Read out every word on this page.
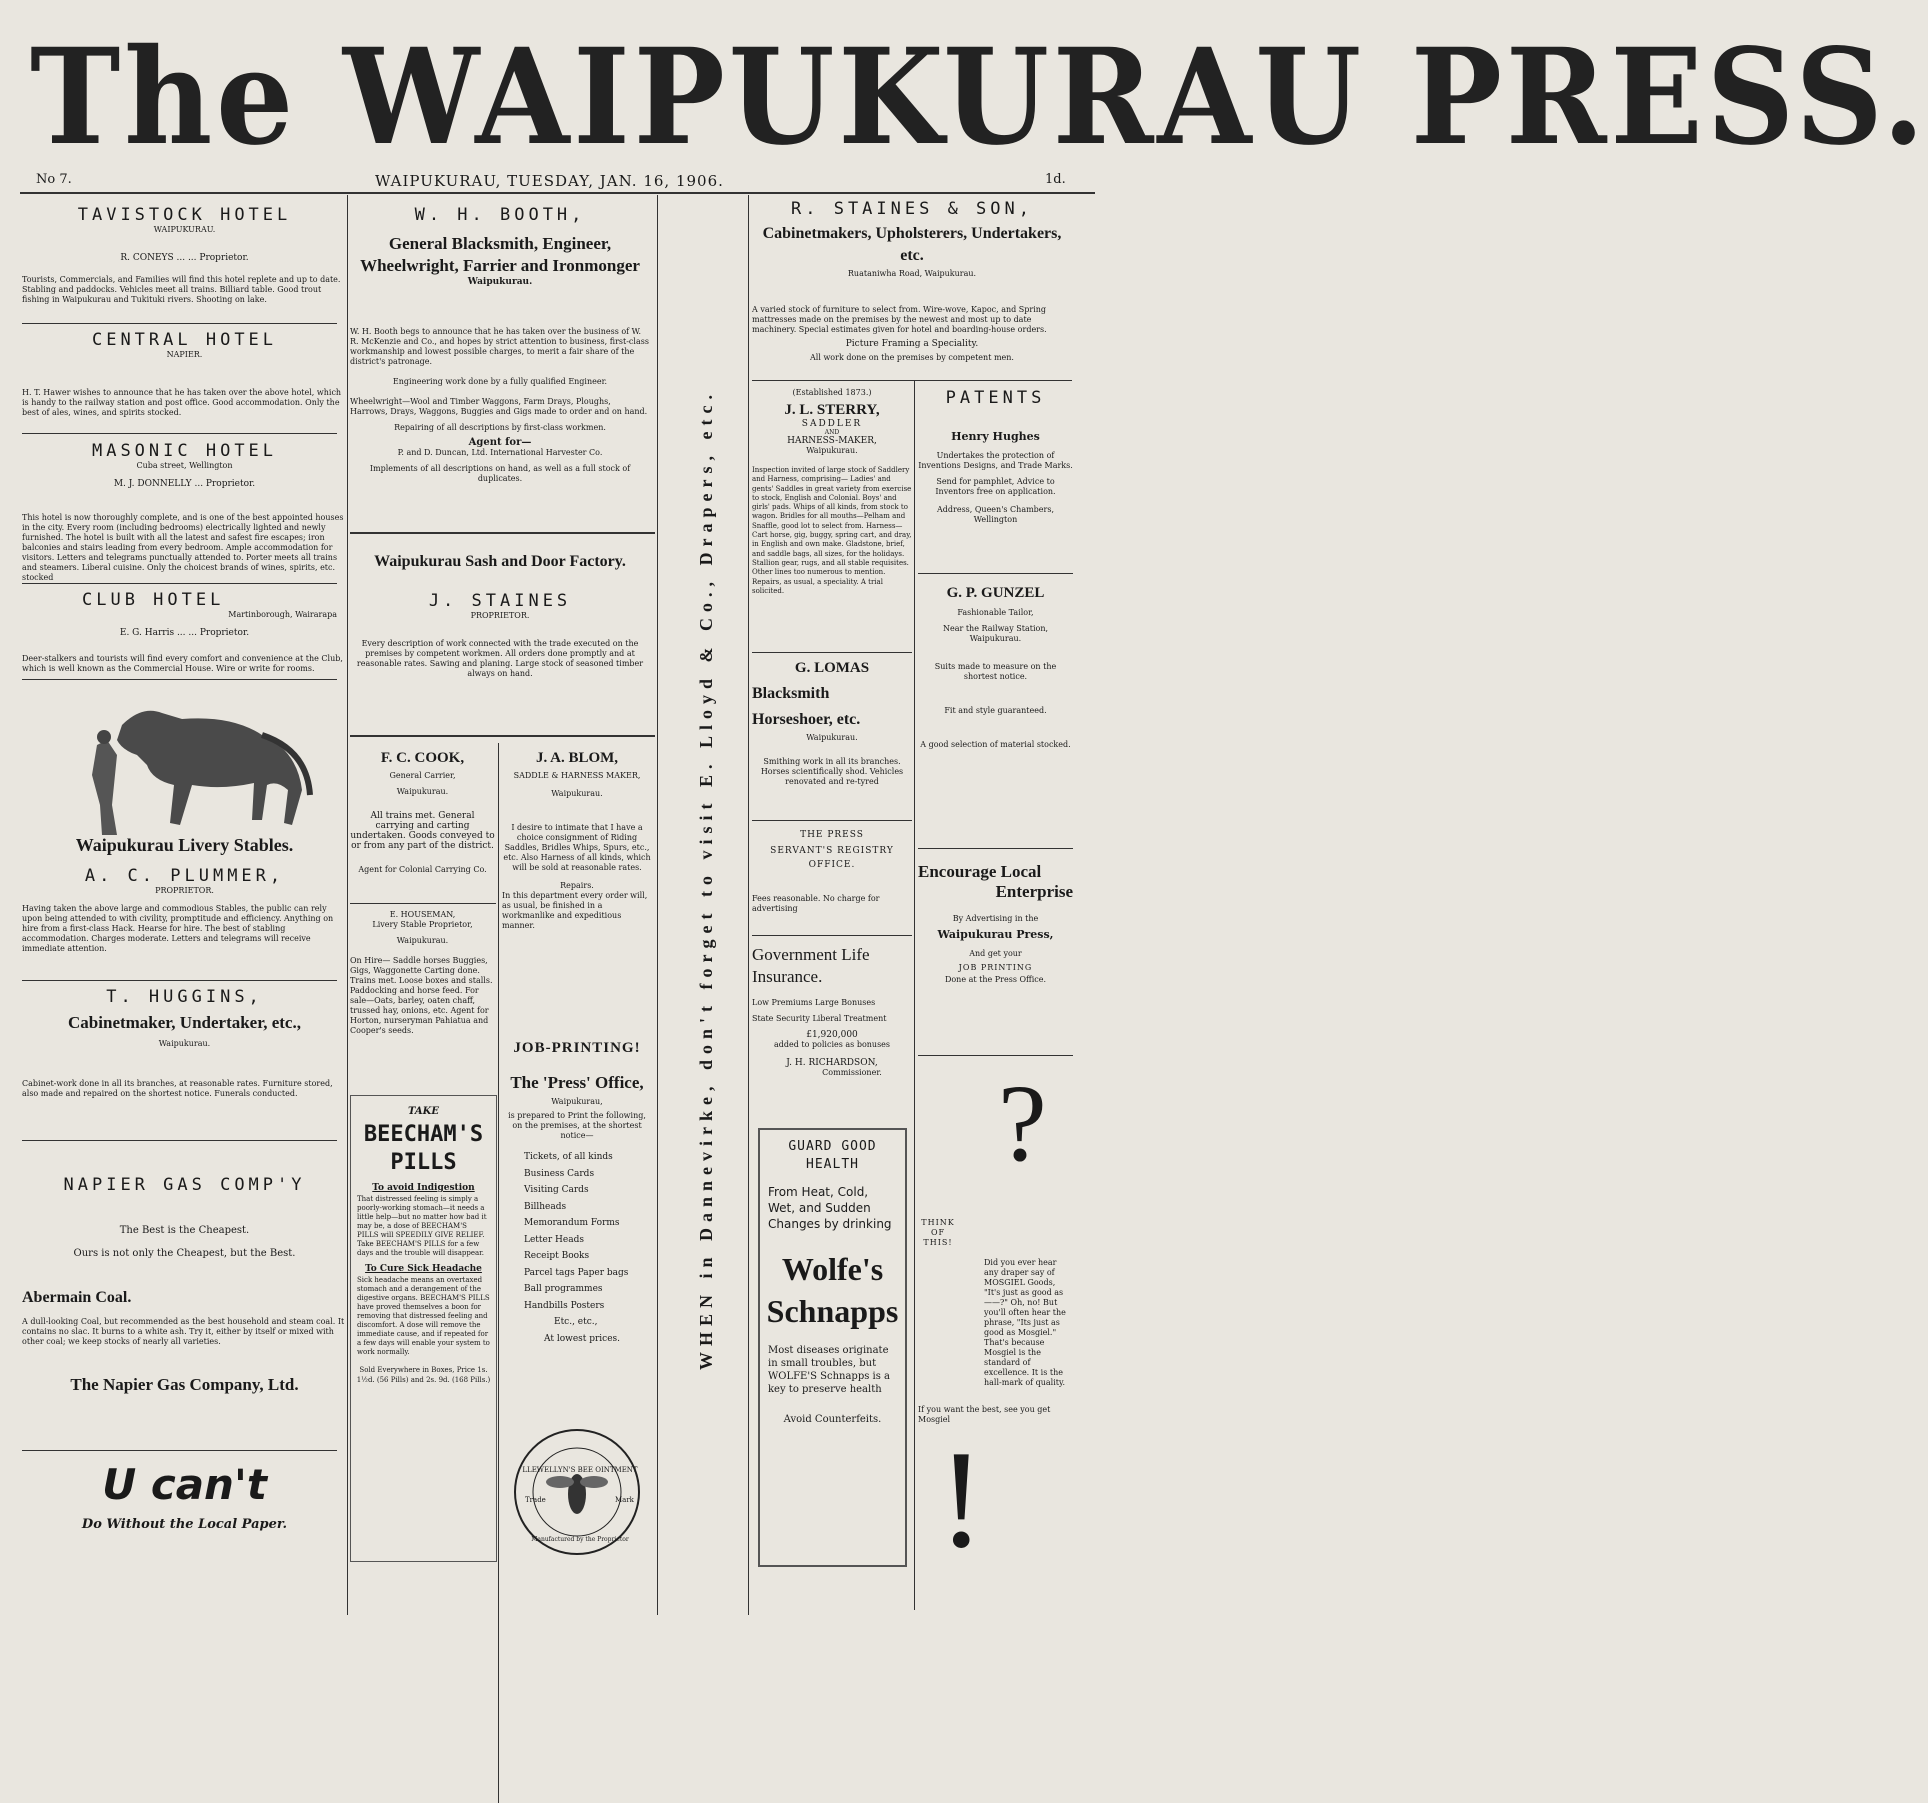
The WAIPUKURAU PRESS.
No 7.	WAIPUKURAU, TUESDAY, JAN. 16, 1906.	1d.
TAVISTOCK HOTEL
WAIPUKURAU.
R. CONEYS ... ... Proprietor.
Tourists, Commercials, and Families will find this hotel replete and up to date. Stabling and paddocks. Vehicles meet all trains. Billiard table. Good trout fishing in Waipukurau and Tukituki rivers. Shooting on lake.
CENTRAL HOTEL
NAPIER.
H. T. Hawer wishes to announce that he has taken over the above hotel, which is handy to the railway station and post office. Good accommodation. Only the best of ales, wines, and spirits stocked.
MASONIC HOTEL
Cuba street, Wellington
M. J. DONNELLY ... Proprietor.
This hotel is now thoroughly complete, and is one of the best appointed houses in the city. Every room (including bedrooms) electrically lighted and newly furnished. The hotel is built with all the latest and safest fire escapes; iron balconies and stairs leading from every bedroom. Ample accommodation for visitors. Letters and telegrams punctually attended to. Porter meets all trains and steamers. Liberal cuisine. Only the choicest brands of wines, spirits, etc. stocked
CLUB HOTEL
Martinborough, Wairarapa
E. G. Harris ... ... Proprietor.
Deer-stalkers and tourists will find every comfort and convenience at the Club, which is well known as the Commercial House. Wire or write for rooms.
Waipukurau Livery Stables.
A. C. PLUMMER,
PROPRIETOR.
Having taken the above large and commodious Stables, the public can rely upon being attended to with civility, promptitude and efficiency. Anything on hire from a first-class Hack. Hearse for hire. The best of stabling accommodation. Charges moderate. Letters and telegrams will receive immediate attention.
T. HUGGINS,
Cabinetmaker, Undertaker, etc.,
Waipukurau.
Cabinet-work done in all its branches, at reasonable rates. Furniture stored, also made and repaired on the shortest notice. Funerals conducted.
NAPIER GAS COMP'Y
The Best is the Cheapest.
Ours is not only the Cheapest, but the Best.
Abermain Coal.
A dull-looking Coal, but recommended as the best household and steam coal. It contains no slac. It burns to a white ash. Try it, either by itself or mixed with other coal; we keep stocks of nearly all varieties.
The Napier Gas Company, Ltd.
U can't
Do Without the Local Paper.
W. H. BOOTH,
General Blacksmith, Engineer, Wheelwright, Farrier and Ironmonger
Waipukurau.
W. H. Booth begs to announce that he has taken over the business of W. R. McKenzie and Co., and hopes by strict attention to business, first-class workmanship and lowest possible charges, to merit a fair share of the district's patronage.
Engineering work done by a fully qualified Engineer.
Wheelwright—Wool and Timber Waggons, Farm Drays, Ploughs, Harrows, Drays, Waggons, Buggies and Gigs made to order and on hand.
Repairing of all descriptions by first-class workmen.
Agent for—
P. and D. Duncan, Ltd. International Harvester Co.
Implements of all descriptions on hand, as well as a full stock of duplicates.
Waipukurau Sash and Door Factory.
J. STAINES
PROPRIETOR.
Every description of work connected with the trade executed on the premises by competent workmen. All orders done promptly and at reasonable rates. Sawing and planing. Large stock of seasoned timber always on hand.
F. C. COOK,
General Carrier,
Waipukurau.
All trains met. General carrying and carting undertaken. Goods conveyed to or from any part of the district.
Agent for Colonial Carrying Co.
E. HOUSEMAN,
Livery Stable Proprietor,
Waipukurau.
On Hire— Saddle horses Buggies, Gigs, Waggonette Carting done. Trains met. Loose boxes and stalls. Paddocking and horse feed. For sale—Oats, barley, oaten chaff, trussed hay, onions, etc. Agent for Horton, nurseryman Pahiatua and Cooper's seeds.
TAKE
BEECHAM'S PILLS
To avoid Indigestion
That distressed feeling is simply a poorly-working stomach—it needs a little help—but no matter how bad it may be, a dose of BEECHAM'S PILLS will SPEEDILY GIVE RELIEF. Take BEECHAM'S PILLS for a few days and the trouble will disappear.
To Cure Sick Headache
Sick headache means an overtaxed stomach and a derangement of the digestive organs. BEECHAM'S PILLS have proved themselves a boon for removing that distressed feeling and discomfort. A dose will remove the immediate cause, and if repeated for a few days will enable your system to work normally.
Sold Everywhere in Boxes, Price 1s. 1½d. (56 Pills) and 2s. 9d. (168 Pills.)
J. A. BLOM,
SADDLE & HARNESS MAKER,
Waipukurau.
I desire to intimate that I have a choice consignment of Riding Saddles, Bridles Whips, Spurs, etc., etc. Also Harness of all kinds, which will be sold at reasonable rates.
Repairs.
In this department every order will, as usual, be finished in a workmanlike and expeditious manner.
JOB-PRINTING!
The 'Press' Office,
Waipukurau,
is prepared to Print the following, on the premises, at the shortest notice—
Tickets, of all kinds
Business Cards
Visiting Cards
Billheads
Memorandum Forms
Letter Heads
Receipt Books
Parcel tags Paper bags
Ball programmes
Handbills Posters
Etc., etc.,
At lowest prices.
LLEWELLYN'S BEE OINTMENT
Trade	Mark
Manufactured by the Proprietor
WHEN in Dannevirke, don't forget to visit E. Lloyd & Co., Drapers, etc.
R. STAINES & SON,
Cabinetmakers, Upholsterers, Undertakers, etc.
Ruataniwha Road, Waipukurau.
A varied stock of furniture to select from. Wire-wove, Kapoc, and Spring mattresses made on the premises by the newest and most up to date machinery. Special estimates given for hotel and boarding-house orders.
Picture Framing a Speciality.
All work done on the premises by competent men.
(Established 1873.)
J. L. STERRY,
SADDLER
AND
HARNESS-MAKER,
Waipukurau.
Inspection invited of large stock of Saddlery and Harness, comprising— Ladies' and gents' Saddles in great variety from exercise to stock, English and Colonial. Boys' and girls' pads. Whips of all kinds, from stock to wagon. Bridles for all mouths—Pelham and Snaffle, good lot to select from. Harness—Cart horse, gig, buggy, spring cart, and dray, in English and own make. Gladstone, brief, and saddle bags, all sizes, for the holidays. Stallion gear, rugs, and all stable requisites. Other lines too numerous to mention. Repairs, as usual, a speciality. A trial solicited.
G. LOMAS
Blacksmith Horseshoer, etc.
Waipukurau.
Smithing work in all its branches. Horses scientifically shod. Vehicles renovated and re-tyred
THE PRESS
SERVANT'S REGISTRY
OFFICE.
Fees reasonable. No charge for advertising
Government Life Insurance.
Low Premiums Large Bonuses
State Security Liberal Treatment
£1,920,000
added to policies as bonuses
J. H. RICHARDSON,
Commissioner.
GUARD GOOD HEALTH
From Heat, Cold, Wet, and Sudden Changes by drinking
Wolfe's Schnapps
Most diseases originate in small troubles, but WOLFE'S Schnapps is a key to preserve health
Avoid Counterfeits.
PATENTS
Henry Hughes
Undertakes the protection of Inventions Designs, and Trade Marks.
Send for pamphlet, Advice to Inventors free on application.
Address, Queen's Chambers, Wellington
G. P. GUNZEL
Fashionable Tailor,
Near the Railway Station, Waipukurau.
Suits made to measure on the shortest notice.
Fit and style guaranteed.
A good selection of material stocked.
Encourage Local
Enterprise
By Advertising in the
Waipukurau Press,
And get your
JOB PRINTING
Done at the Press Office.
?
THINK OF THIS!
Did you ever hear any draper say of MOSGIEL Goods, "It's just as good as ——?" Oh, no! But you'll often hear the phrase, "Its just as good as Mosgiel." That's because Mosgiel is the standard of excellence. It is the hall-mark of quality.
If you want the best, see you get Mosgiel
!
